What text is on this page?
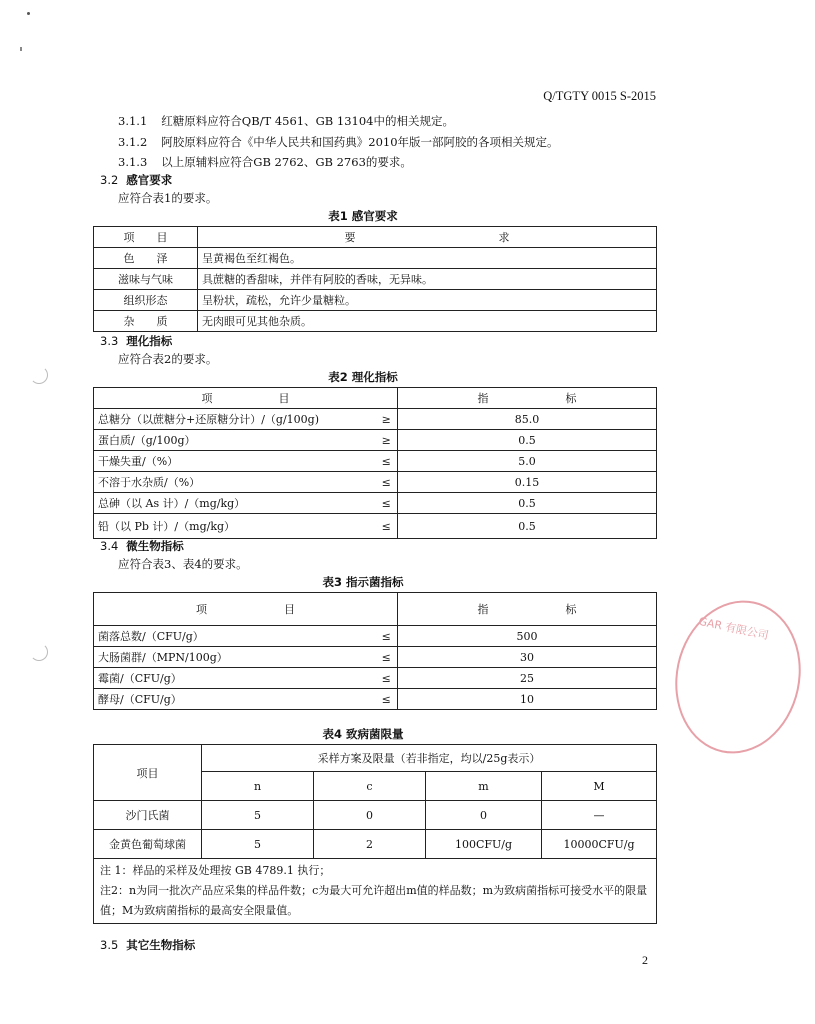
GAR 有限公司
Q/TGTY 0015 S-2015
3.1.1 红糖原料应符合QB/T 4561、GB 13104中的相关规定。
3.1.2 阿胶原料应符合《中华人民共和国药典》2010年版一部阿胶的各项相关规定。
3.1.3 以上原辅料应符合GB 2762、GB 2763的要求。
3.2 感官要求
应符合表1的要求。
表1 感官要求
项　　目	要　　　　　　　　　　　　　求
色　　泽	呈黄褐色至红褐色。
滋味与气味	具蔗糖的香甜味，并伴有阿胶的香味，无异味。
组织形态	呈粉状，疏松，允许少量糖粒。
杂　　质	无肉眼可见其他杂质。
3.3 理化指标
应符合表2的要求。
表2 理化指标
项　　　　　　目		指　　　　　　　标
总糖分（以蔗糖分+还原糖分计）/（g/100g)	≥	85.0
蛋白质/（g/100g）	≥	0.5
干燥失重/（%）	≤	5.0
不溶于水杂质/（%）	≤	0.15
总砷（以 As 计）/（mg/kg）	≤	0.5
铅（以 Pb 计）/（mg/kg）	≤	0.5
3.4 微生物指标
应符合表3、表4的要求。
表3 指示菌指标
项　　　　　　　目		指　　　　　　　标
菌落总数/（CFU/g）	≤	500
大肠菌群/（MPN/100g）	≤	30
霉菌/（CFU/g）	≤	25
酵母/（CFU/g）	≤	10
表4 致病菌限量
项目	采样方案及限量（若非指定，均以/25g表示）			
	n	c	m	M
沙门氏菌	5	0	0	—
金黄色葡萄球菌	5	2	100CFU/g	10000CFU/g

注 1：样品的采样及处理按 GB 4789.1 执行；
注2：n为同一批次产品应采集的样品件数；c为最大可允许超出m值的样品数；m为致病菌指标可接受水平的限量值；M为致病菌指标的最高安全限量值。				
3.5 其它生物指标
2
